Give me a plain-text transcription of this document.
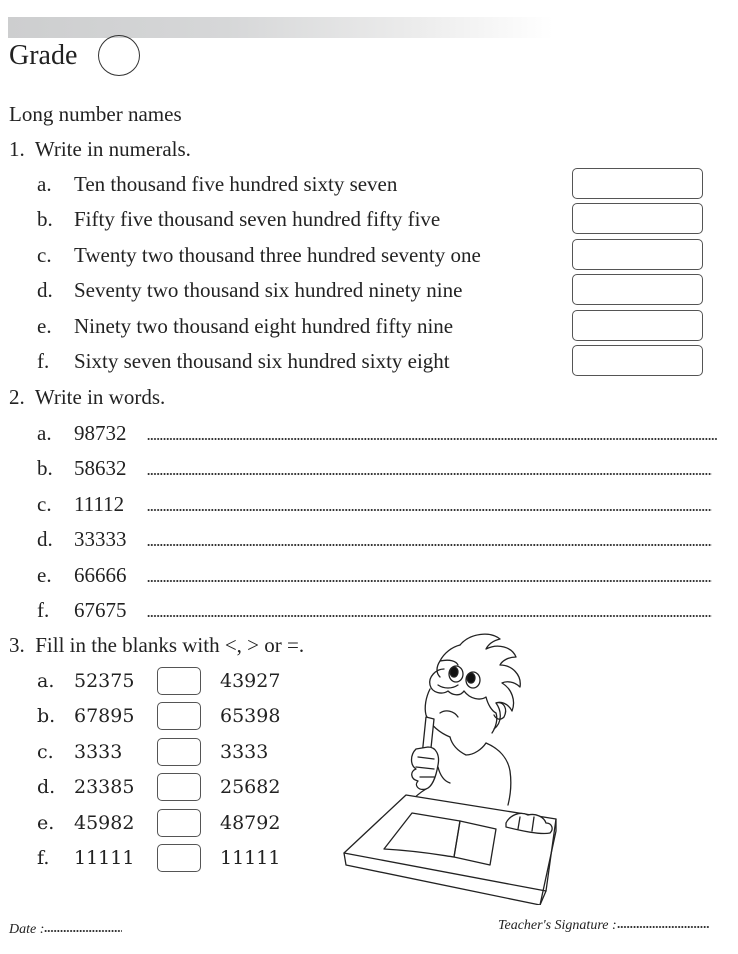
Grade
Long number names
1.  Write in numerals.
a. Ten thousand five hundred sixty seven
b. Fifty five thousand seven hundred fifty five
c. Twenty two thousand three hundred seventy one
d. Seventy two thousand six hundred ninety nine
e. Ninety two thousand eight hundred fifty nine
f. Sixty seven thousand six hundred sixty eight
2.  Write in words.
a. 98732
b. 58632
c. 11112
d. 33333
e. 66666
f. 67675
3.  Fill in the blanks with <, > or =.
a. 52375	43927
b. 67895	65398
c. 3333	3333
d. 23385	25682
e. 45982	48792
f. 11111	11111
Date :	Teacher's Signature :
